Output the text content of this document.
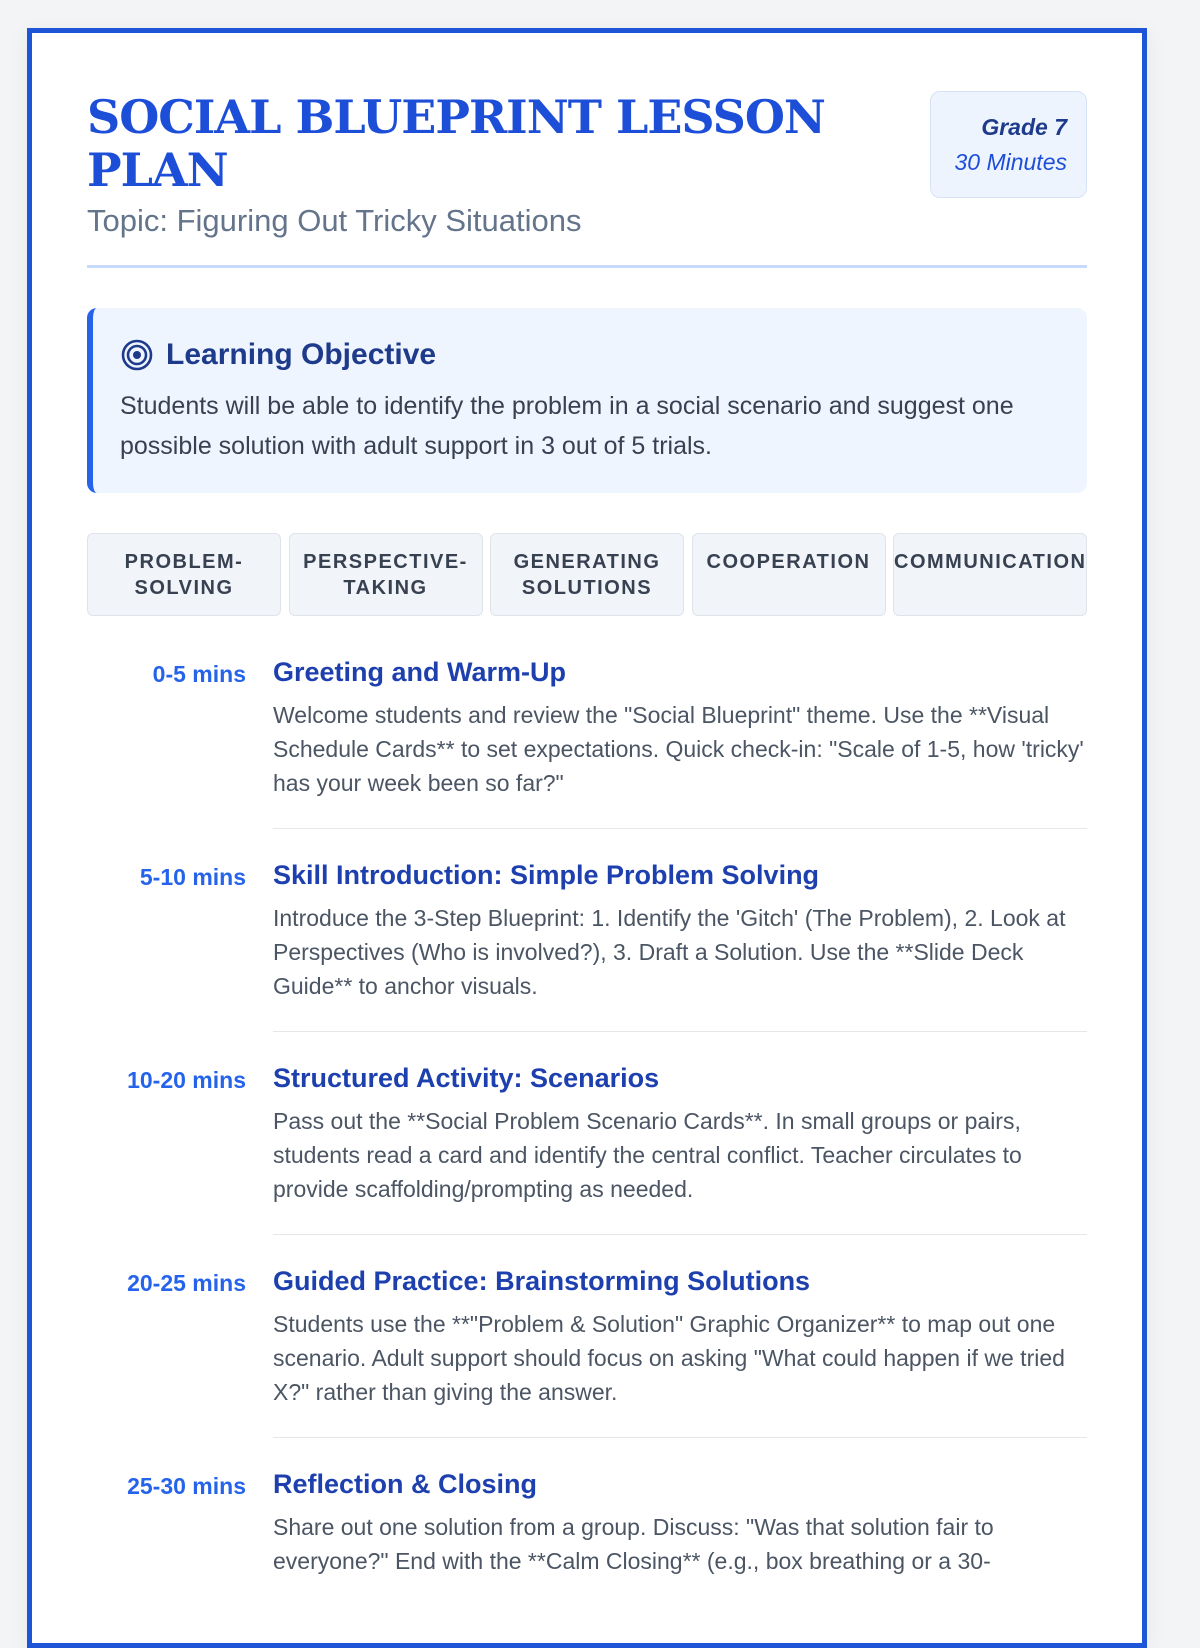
SOCIAL BLUEPRINT LESSON PLAN
Topic: Figuring Out Tricky Situations
Grade 7
30 Minutes
Learning Objective
Students will be able to identify the problem in a social scenario and suggest one possible solution with adult support in 3 out of 5 trials.
PROBLEM-SOLVING
PERSPECTIVE-TAKING
GENERATING SOLUTIONS
COOPERATION	COMMUNICATION
0-5 mins Greeting and Warm-Up
Welcome students and review the "Social Blueprint" theme. Use the **Visual Schedule Cards** to set expectations. Quick check-in: "Scale of 1-5, how 'tricky' has your week been so far?"
5-10 mins Skill Introduction: Simple Problem Solving
Introduce the 3-Step Blueprint: 1. Identify the 'Gitch' (The Problem), 2. Look at Perspectives (Who is involved?), 3. Draft a Solution. Use the **Slide Deck Guide** to anchor visuals.
10-20 mins Structured Activity: Scenarios
Pass out the **Social Problem Scenario Cards**. In small groups or pairs, students read a card and identify the central conflict. Teacher circulates to provide scaffolding/prompting as needed.
20-25 mins Guided Practice: Brainstorming Solutions
Students use the **"Problem & Solution" Graphic Organizer** to map out one scenario. Adult support should focus on asking "What could happen if we tried X?" rather than giving the answer.
25-30 mins Reflection & Closing
Share out one solution from a group. Discuss: "Was that solution fair to everyone?" End with the **Calm Closing** (e.g., box breathing or a 30-
